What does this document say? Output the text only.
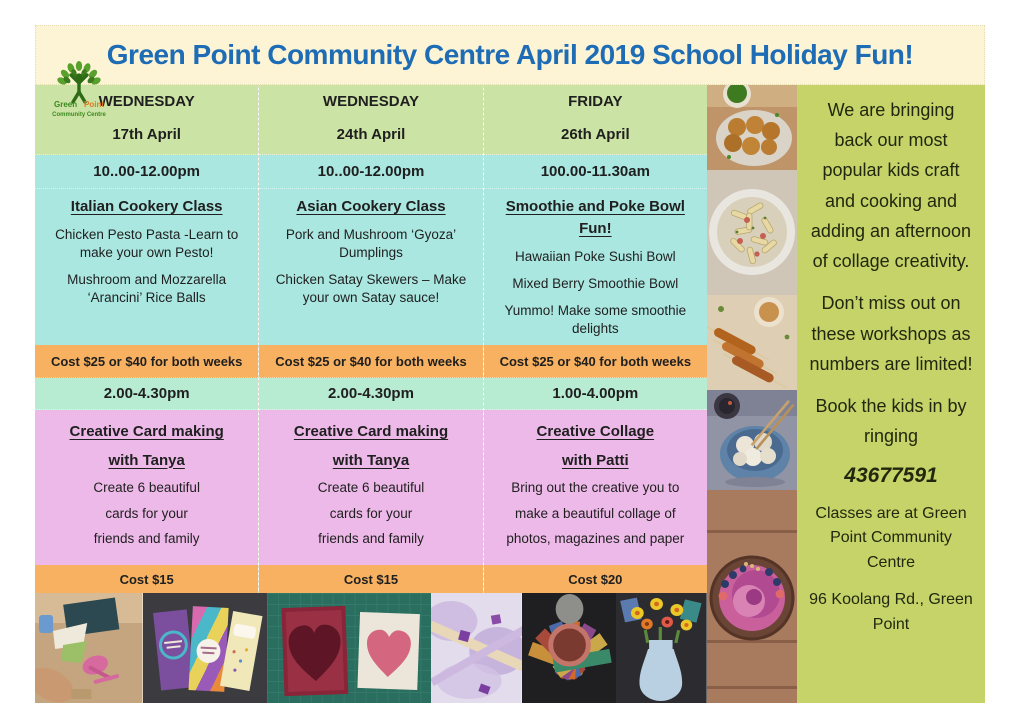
Green Point Community Centre April 2019 School Holiday Fun!
Green Point
Community Centre
WEDNESDAY
17th April
10..00-12.00pm
Italian Cookery Class

Chicken Pesto Pasta -Learn to make your own Pesto!

Mushroom and Mozzarella ‘Arancini’ Rice Balls

Cost $25 or $40 for both weeks
2.00-4.30pm
Creative Card making
with Tanya

Create 6 beautiful

cards for your

friends and family

Cost $15
WEDNESDAY
24th April
10..00-12.00pm
Asian Cookery Class

Pork and Mushroom ‘Gyoza’ Dumplings

Chicken Satay Skewers – Make your own Satay sauce!

Cost $25 or $40 for both weeks
2.00-4.30pm
Creative Card making
with Tanya

Create 6 beautiful

cards for your

friends and family

Cost $15
FRIDAY
26th April
100.00-11.30am
Smoothie and Poke Bowl Fun!

Hawaiian Poke Sushi Bowl

Mixed Berry Smoothie Bowl

Yummo! Make some smoothie delights

Cost $25 or $40 for both weeks
1.00-4.00pm
Creative Collage
with Patti

Bring out the creative you to

make a beautiful collage of

photos, magazines and paper

Cost $20

We are bringing back our most popular kids craft and cooking and adding an afternoon of collage creativity.

Don’t miss out on these workshops as numbers are limited!

Book the kids in by ringing

43677591

Classes are at Green Point Community Centre

96 Koolang Rd., Green Point
